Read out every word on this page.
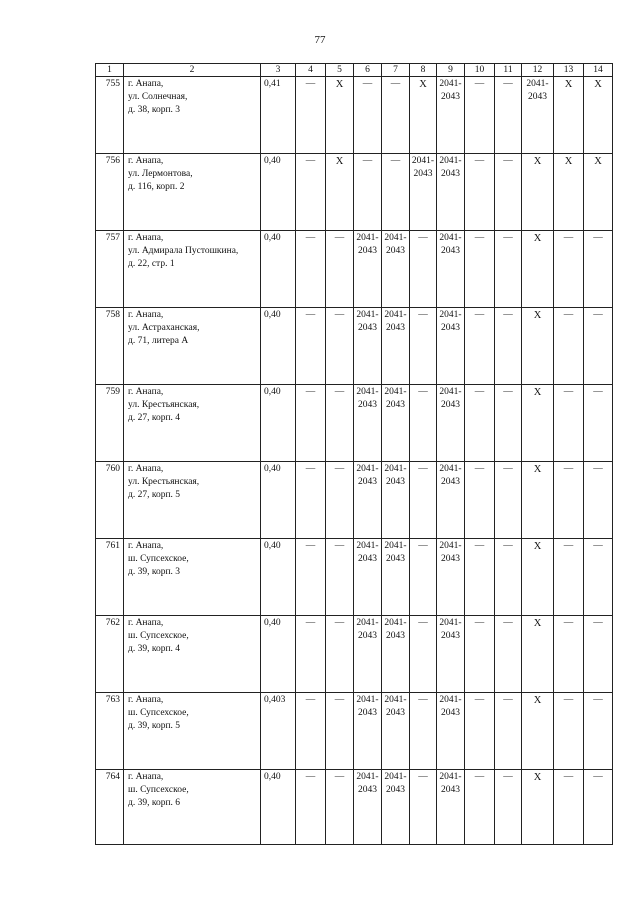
77
1	2	3	4	5	6	7	8	9	10	11	12	13	14
755	г. Анапа,
ул. Солнечная,
д. 38, корп. 3	0,41	—	X	—	—	X	2041-
2043	—	—	2041-
2043	X	X
756	г. Анапа,
ул. Лермонтова,
д. 116, корп. 2	0,40	—	X	—	—	2041-
2043	2041-
2043	—	—	X	X	X
757	г. Анапа,
ул. Адмирала Пустошкина,
д. 22, стр. 1	0,40	—	—	2041-
2043	2041-
2043	—	2041-
2043	—	—	X	—	—
758	г. Анапа,
ул. Астраханская,
д. 71, литера А	0,40	—	—	2041-
2043	2041-
2043	—	2041-
2043	—	—	X	—	—
759	г. Анапа,
ул. Крестьянская,
д. 27, корп. 4	0,40	—	—	2041-
2043	2041-
2043	—	2041-
2043	—	—	X	—	—
760	г. Анапа,
ул. Крестьянская,
д. 27, корп. 5	0,40	—	—	2041-
2043	2041-
2043	—	2041-
2043	—	—	X	—	—
761	г. Анапа,
ш. Супсехское,
д. 39, корп. 3	0,40	—	—	2041-
2043	2041-
2043	—	2041-
2043	—	—	X	—	—
762	г. Анапа,
ш. Супсехское,
д. 39, корп. 4	0,40	—	—	2041-
2043	2041-
2043	—	2041-
2043	—	—	X	—	—
763	г. Анапа,
ш. Супсехское,
д. 39, корп. 5	0,403	—	—	2041-
2043	2041-
2043	—	2041-
2043	—	—	X	—	—
764	г. Анапа,
ш. Супсехское,
д. 39, корп. 6	0,40	—	—	2041-
2043	2041-
2043	—	2041-
2043	—	—	X	—	—
